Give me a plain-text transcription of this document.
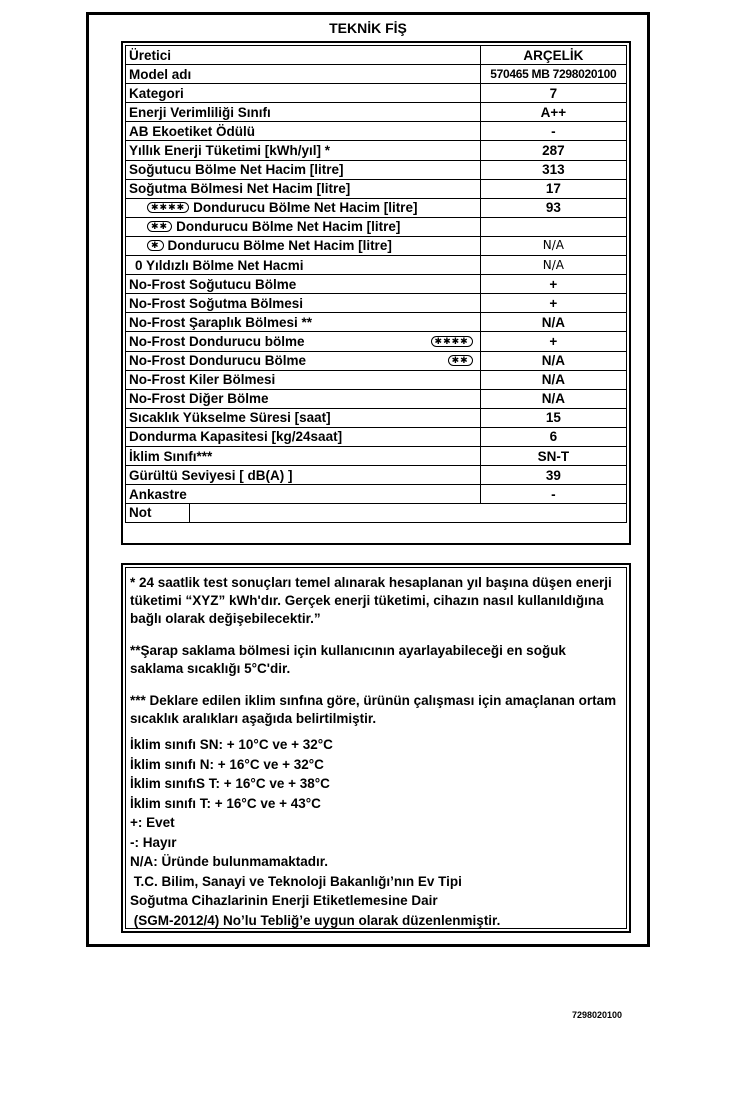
TEKNİK FİŞ
Üretici	ARÇELİK

Model adı	570465 MB 7298020100

Kategori	7

Enerji Verimliliği Sınıfı	A++

AB Ekoetiket Ödülü	-

Yıllık Enerji Tüketimi [kWh/yıl] *	287

Soğutucu Bölme Net Hacim [litre]	313

Soğutma Bölmesi Net Hacim [litre]	17

✱✱✱✱ Dondurucu Bölme Net Hacim [litre]	93

✱✱ Dondurucu Bölme Net Hacim [litre]	

✱ Dondurucu Bölme Net Hacim [litre]	N/A

0 Yıldızlı Bölme Net Hacmi	N/A

No-Frost Soğutucu Bölme	+

No-Frost Soğutma Bölmesi	+

No-Frost Şaraplık Bölmesi **	N/A

No-Frost Dondurucu bölme ✱✱✱✱	+

No-Frost Dondurucu Bölme ✱✱	N/A

No-Frost Kiler Bölmesi	N/A

No-Frost Diğer Bölme	N/A

Sıcaklık Yükselme Süresi [saat]	15

Dondurma Kapasitesi [kg/24saat]	6

İklim Sınıfı***	SN-T

Gürültü Seviyesi [ dB(A) ]	39

Ankastre	-

Not	

* 24 saatlik test sonuçları temel alınarak hesaplanan yıl başına düşen enerji tüketimi “XYZ” kWh'dır. Gerçek enerji tüketimi, cihazın nasıl kullanıldığına bağlı olarak değişebilecektir.”

**Şarap saklama bölmesi için kullanıcının ayarlayabileceği en soğuk saklama sıcaklığı 5°C'dir.

*** Deklare edilen iklim sınfına göre, ürünün çalışması için amaçlanan ortam sıcaklık aralıkları aşağıda belirtilmiştir.

İklim sınıfı SN: + 10°C ve + 32°C

İklim sınıfı N: + 16°C ve + 32°C

İklim sınıfıS T: + 16°C ve + 38°C

İklim sınıfı T: + 16°C ve + 43°C

+: Evet

-: Hayır

N/A: Üründe bulunmamaktadır.

T.C. Bilim, Sanayi ve Teknoloji Bakanlığı’nın Ev Tipi

Soğutma Cihazlarinin Enerji Etiketlemesine Dair

(SGM-2012/4) No’lu Tebliğ’e uygun olarak düzenlenmiştir.

7298020100
